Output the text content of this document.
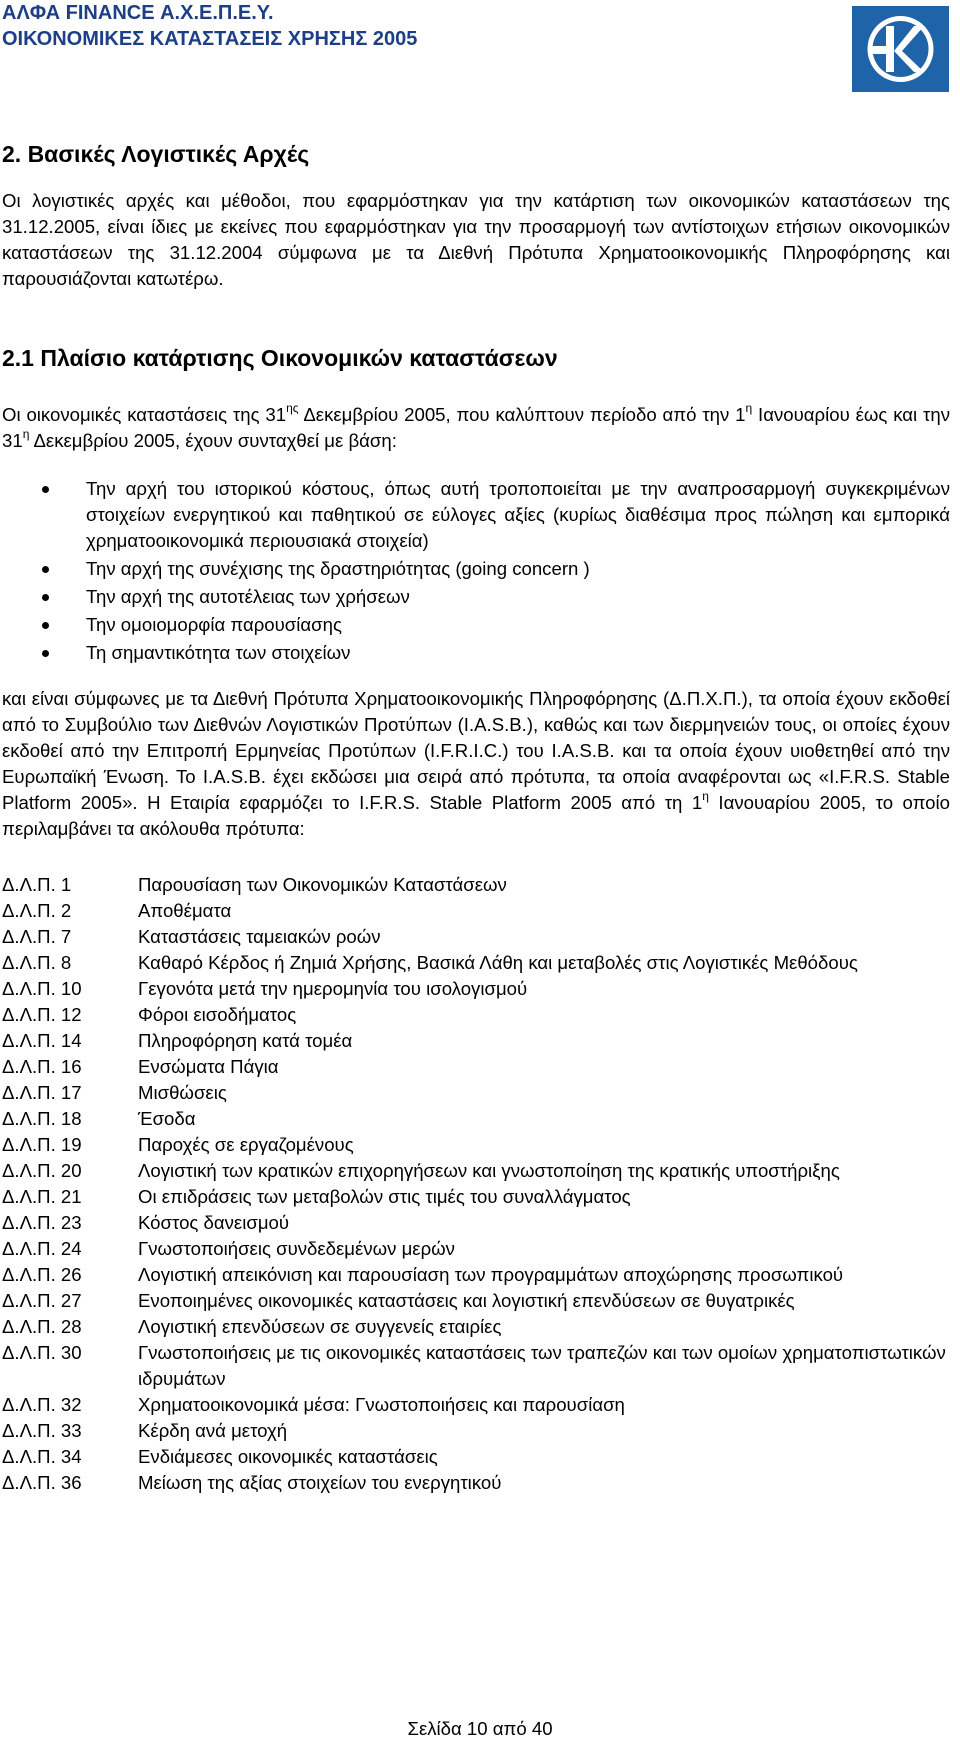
ΑΛΦΑ FINANCE Α.Χ.Ε.Π.Ε.Υ.
ΟΙΚΟΝΟΜΙΚΕΣ ΚΑΤΑΣΤΑΣΕΙΣ ΧΡΗΣΗΣ 2005
2. Βασικές Λογιστικές Αρχές

Οι λογιστικές αρχές και μέθοδοι, που εφαρμόστηκαν για την κατάρτιση των οικονομικών καταστάσεων της 31.12.2005, είναι ίδιες με εκείνες που εφαρμόστηκαν για την προσαρμογή των αντίστοιχων ετήσιων οικονομικών καταστάσεων της 31.12.2004 σύμφωνα με τα Διεθνή Πρότυπα Χρηματοοικονομικής Πληροφόρησης και παρουσιάζονται κατωτέρω.

2.1 Πλαίσιο κατάρτισης Οικονομικών καταστάσεων

Οι οικονομικές καταστάσεις της $31^{\eta\varsigma}$ Δεκεμβρίου 2005, που καλύπτουν περίοδο από την $1^\eta$ Ιανουαρίου έως και την $31^\eta$ Δεκεμβρίου 2005, έχουν συνταχθεί με βάση:

Την αρχή του ιστορικού κόστους, όπως αυτή τροποποιείται με την αναπροσαρμογή συγκεκριμένων στοιχείων ενεργητικού και παθητικού σε εύλογες αξίες (κυρίως διαθέσιμα προς πώληση και εμπορικά χρηματοοικονομικά περιουσιακά στοιχεία)
Την αρχή της συνέχισης της δραστηριότητας (going concern )
Την αρχή της αυτοτέλειας των χρήσεων
Την ομοιομορφία παρουσίασης
Τη σημαντικότητα των στοιχείων

και είναι σύμφωνες με τα Διεθνή Πρότυπα Χρηματοοικονομικής Πληροφόρησης (Δ.Π.Χ.Π.), τα οποία έχουν εκδοθεί από το Συμβούλιο των Διεθνών Λογιστικών Προτύπων (I.A.S.B.), καθώς και των διερμηνειών τους, οι οποίες έχουν εκδοθεί από την Επιτροπή Ερμηνείας Προτύπων (I.F.R.I.C.) του I.A.S.B. και τα οποία έχουν υιοθετηθεί από την Ευρωπαϊκή Ένωση. Το I.A.S.B. έχει εκδώσει μια σειρά από πρότυπα, τα οποία αναφέρονται ως «I.F.R.S. Stable Platform 2005». Η Εταιρία εφαρμόζει το I.F.R.S. Stable Platform 2005 από τη $1^\eta$ Ιανουαρίου 2005, το οποίο περιλαμβάνει τα ακόλουθα πρότυπα:

Δ.Λ.Π. 1	Παρουσίαση των Οικονομικών Καταστάσεων
Δ.Λ.Π. 2	Αποθέματα
Δ.Λ.Π. 7	Καταστάσεις ταμειακών ροών
Δ.Λ.Π. 8	Καθαρό Κέρδος ή Ζημιά Χρήσης, Βασικά Λάθη και μεταβολές στις Λογιστικές Μεθόδους
Δ.Λ.Π. 10	Γεγονότα μετά την ημερομηνία του ισολογισμού
Δ.Λ.Π. 12	Φόροι εισοδήματος
Δ.Λ.Π. 14	Πληροφόρηση κατά τομέα
Δ.Λ.Π. 16	Ενσώματα Πάγια
Δ.Λ.Π. 17	Μισθώσεις
Δ.Λ.Π. 18	Έσοδα
Δ.Λ.Π. 19	Παροχές σε εργαζομένους
Δ.Λ.Π. 20	Λογιστική των κρατικών επιχορηγήσεων και γνωστοποίηση της κρατικής υποστήριξης
Δ.Λ.Π. 21	Οι επιδράσεις των μεταβολών στις τιμές του συναλλάγματος
Δ.Λ.Π. 23	Κόστος δανεισμού
Δ.Λ.Π. 24	Γνωστοποιήσεις συνδεδεμένων μερών
Δ.Λ.Π. 26	Λογιστική απεικόνιση και παρουσίαση των προγραμμάτων αποχώρησης προσωπικού
Δ.Λ.Π. 27	Ενοποιημένες οικονομικές καταστάσεις και λογιστική επενδύσεων σε θυγατρικές
Δ.Λ.Π. 28	Λογιστική επενδύσεων σε συγγενείς εταιρίες
Δ.Λ.Π. 30	Γνωστοποιήσεις με τις οικονομικές καταστάσεις των τραπεζών και των ομοίων χρηματοπιστωτικών ιδρυμάτων
Δ.Λ.Π. 32	Χρηματοοικονομικά μέσα: Γνωστοποιήσεις και παρουσίαση
Δ.Λ.Π. 33	Κέρδη ανά μετοχή
Δ.Λ.Π. 34	Ενδιάμεσες οικονομικές καταστάσεις
Δ.Λ.Π. 36	Μείωση της αξίας στοιχείων του ενεργητικού
Σελίδα 10 από 40
